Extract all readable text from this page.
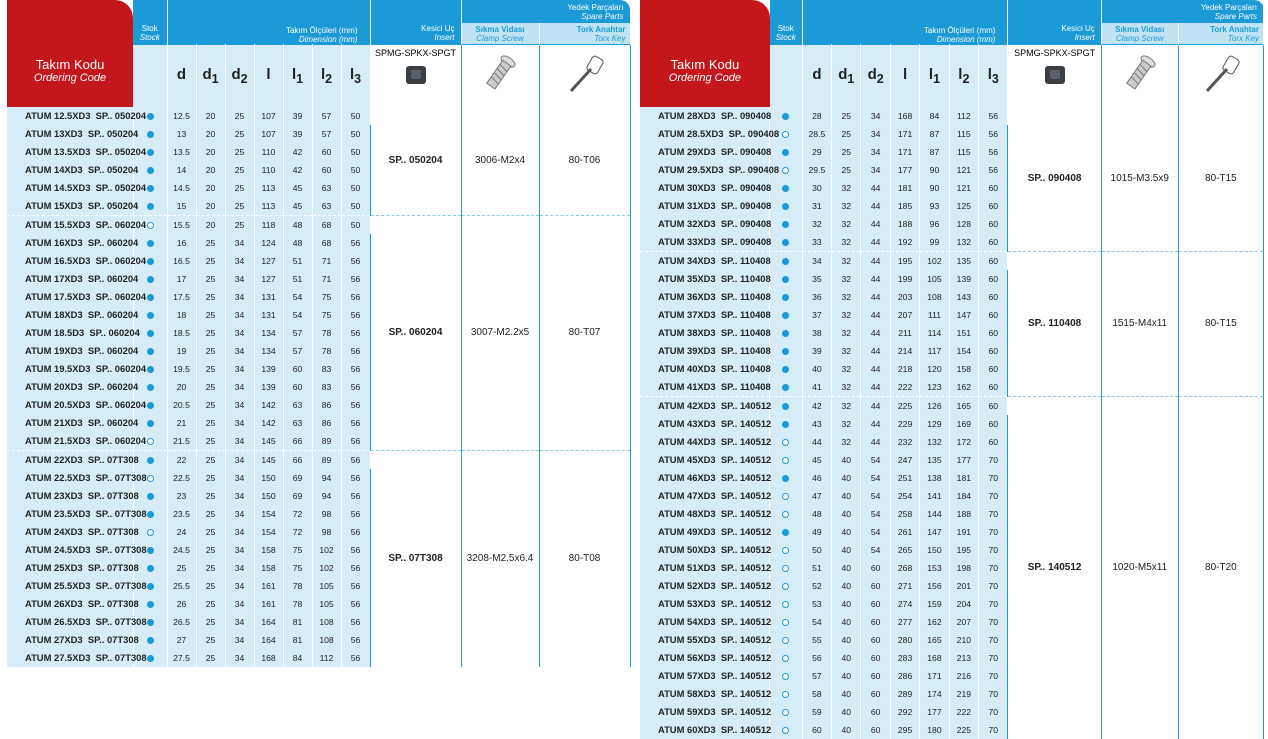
Takım Kodu
Ordering Code	Stok
Stock	Takım Ölçüleri (mm)
Dimension (mm)							Kesici Uç
Insert	Yedek Parçaları
Spare Parts	

										Sıkma Vidası
Clamp Screw	Tork Anahtar
Torx Key

		d	$d_1$	$d_2$	l	$l_1$	$l_2$	$l_3$	SPMG-SPKX-SPGT

ATUM 12.5XD3  SP.. 050204		12.5	20	25	107	39	57	50	SP.. 050204	3006-M2x4	80-T06
ATUM 13XD3  SP.. 050204		13	20	25	107	39	57	50			
ATUM 13.5XD3  SP.. 050204		13.5	20	25	110	42	60	50			
ATUM 14XD3  SP.. 050204		14	20	25	110	42	60	50			
ATUM 14.5XD3  SP.. 050204		14.5	20	25	113	45	63	50			
ATUM 15XD3  SP.. 050204		15	20	25	113	45	63	50			
ATUM 15.5XD3  SP.. 060204		15.5	20	25	118	48	68	50	SP.. 060204	3007-M2.2x5	80-T07
ATUM 16XD3  SP.. 060204		16	25	34	124	48	68	56			
ATUM 16.5XD3  SP.. 060204		16.5	25	34	127	51	71	56			
ATUM 17XD3  SP.. 060204		17	25	34	127	51	71	56			
ATUM 17.5XD3  SP.. 060204		17.5	25	34	131	54	75	56			
ATUM 18XD3  SP.. 060204		18	25	34	131	54	75	56			
ATUM 18.5D3  SP.. 060204		18.5	25	34	134	57	78	56			
ATUM 19XD3  SP.. 060204		19	25	34	134	57	78	56			
ATUM 19.5XD3  SP.. 060204		19.5	25	34	139	60	83	56			
ATUM 20XD3  SP.. 060204		20	25	34	139	60	83	56			
ATUM 20.5XD3  SP.. 060204		20.5	25	34	142	63	86	56			
ATUM 21XD3  SP.. 060204		21	25	34	142	63	86	56			
ATUM 21.5XD3  SP.. 060204		21.5	25	34	145	66	89	56			
ATUM 22XD3  SP.. 07T308		22	25	34	145	66	89	56	SP.. 07T308	3208-M2.5x6.4	80-T08
ATUM 22.5XD3  SP.. 07T308		22.5	25	34	150	69	94	56			
ATUM 23XD3  SP.. 07T308		23	25	34	150	69	94	56			
ATUM 23.5XD3  SP.. 07T308		23.5	25	34	154	72	98	56			
ATUM 24XD3  SP.. 07T308		24	25	34	154	72	98	56			
ATUM 24.5XD3  SP.. 07T308		24.5	25	34	158	75	102	56			
ATUM 25XD3  SP.. 07T308		25	25	34	158	75	102	56			
ATUM 25.5XD3  SP.. 07T308		25.5	25	34	161	78	105	56			
ATUM 26XD3  SP.. 07T308		26	25	34	161	78	105	56			
ATUM 26.5XD3  SP.. 07T308		26.5	25	34	164	81	108	56			
ATUM 27XD3  SP.. 07T308		27	25	34	164	81	108	56			
ATUM 27.5XD3  SP.. 07T308		27.5	25	34	168	84	112	56			
Takım Kodu
Ordering Code	Stok
Stock	Takım Ölçüleri (mm)
Dimension (mm)							Kesici Uç
Insert	Yedek Parçaları
Spare Parts	

										Sıkma Vidası
Clamp Screw	Tork Anahtar
Torx Key

		d	$d_1$	$d_2$	l	$l_1$	$l_2$	$l_3$	SPMG-SPKX-SPGT

ATUM 28XD3  SP.. 090408		28	25	34	168	84	112	56	SP.. 090408	1015-M3.5x9	80-T15
ATUM 28.5XD3  SP.. 090408		28.5	25	34	171	87	115	56			
ATUM 29XD3  SP.. 090408		29	25	34	171	87	115	56			
ATUM 29.5XD3  SP.. 090408		29.5	25	34	177	90	121	56			
ATUM 30XD3  SP.. 090408		30	32	44	181	90	121	60			
ATUM 31XD3  SP.. 090408		31	32	44	185	93	125	60			
ATUM 32XD3  SP.. 090408		32	32	44	188	96	128	60			
ATUM 33XD3  SP.. 090408		33	32	44	192	99	132	60			
ATUM 34XD3  SP.. 110408		34	32	44	195	102	135	60	SP.. 110408	1515-M4x11	80-T15
ATUM 35XD3  SP.. 110408		35	32	44	199	105	139	60			
ATUM 36XD3  SP.. 110408		36	32	44	203	108	143	60			
ATUM 37XD3  SP.. 110408		37	32	44	207	111	147	60			
ATUM 38XD3  SP.. 110408		38	32	44	211	114	151	60			
ATUM 39XD3  SP.. 110408		39	32	44	214	117	154	60			
ATUM 40XD3  SP.. 110408		40	32	44	218	120	158	60			
ATUM 41XD3  SP.. 110408		41	32	44	222	123	162	60			
ATUM 42XD3  SP.. 140512		42	32	44	225	126	165	60	SP.. 140512	1020-M5x11	80-T20
ATUM 43XD3  SP.. 140512		43	32	44	229	129	169	60			
ATUM 44XD3  SP.. 140512		44	32	44	232	132	172	60			
ATUM 45XD3  SP.. 140512		45	40	54	247	135	177	70			
ATUM 46XD3  SP.. 140512		46	40	54	251	138	181	70			
ATUM 47XD3  SP.. 140512		47	40	54	254	141	184	70			
ATUM 48XD3  SP.. 140512		48	40	54	258	144	188	70			
ATUM 49XD3  SP.. 140512		49	40	54	261	147	191	70			
ATUM 50XD3  SP.. 140512		50	40	54	265	150	195	70			
ATUM 51XD3  SP.. 140512		51	40	60	268	153	198	70			
ATUM 52XD3  SP.. 140512		52	40	60	271	156	201	70			
ATUM 53XD3  SP.. 140512		53	40	60	274	159	204	70			
ATUM 54XD3  SP.. 140512		54	40	60	277	162	207	70			
ATUM 55XD3  SP.. 140512		55	40	60	280	165	210	70			
ATUM 56XD3  SP.. 140512		56	40	60	283	168	213	70			
ATUM 57XD3  SP.. 140512		57	40	60	286	171	216	70			
ATUM 58XD3  SP.. 140512		58	40	60	289	174	219	70			
ATUM 59XD3  SP.. 140512		59	40	60	292	177	222	70			
ATUM 60XD3  SP.. 140512		60	40	60	295	180	225	70			
